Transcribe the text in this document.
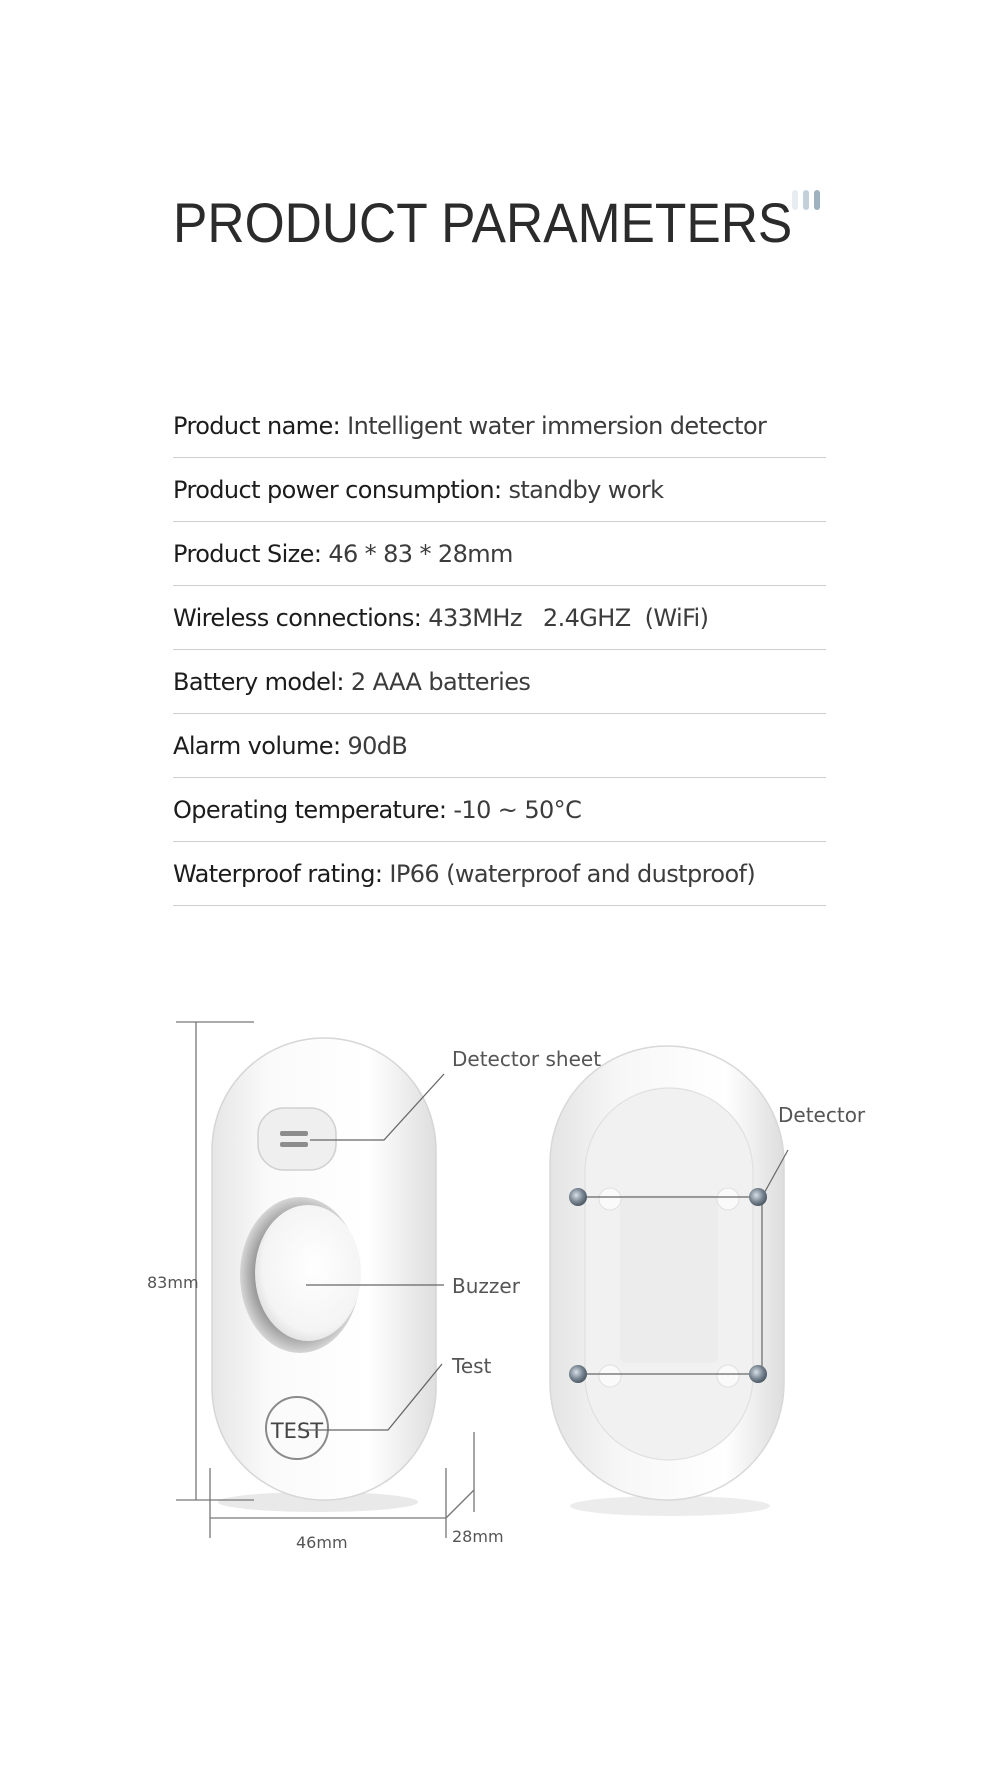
PRODUCT PARAMETERS
Product name: Intelligent water immersion detector
Product power consumption: standby work
Product Size: 46 * 83 * 28mm
Wireless connections: 433MHz   2.4GHZ  (WiFi)
Battery model: 2 AAA batteries
Alarm volume: 90dB
Operating temperature: -10 ~ 50°C
Waterproof rating: IP66 (waterproof and dustproof)
TEST
Detector sheet
Buzzer
Test
83mm
46mm	28mm
Detector
